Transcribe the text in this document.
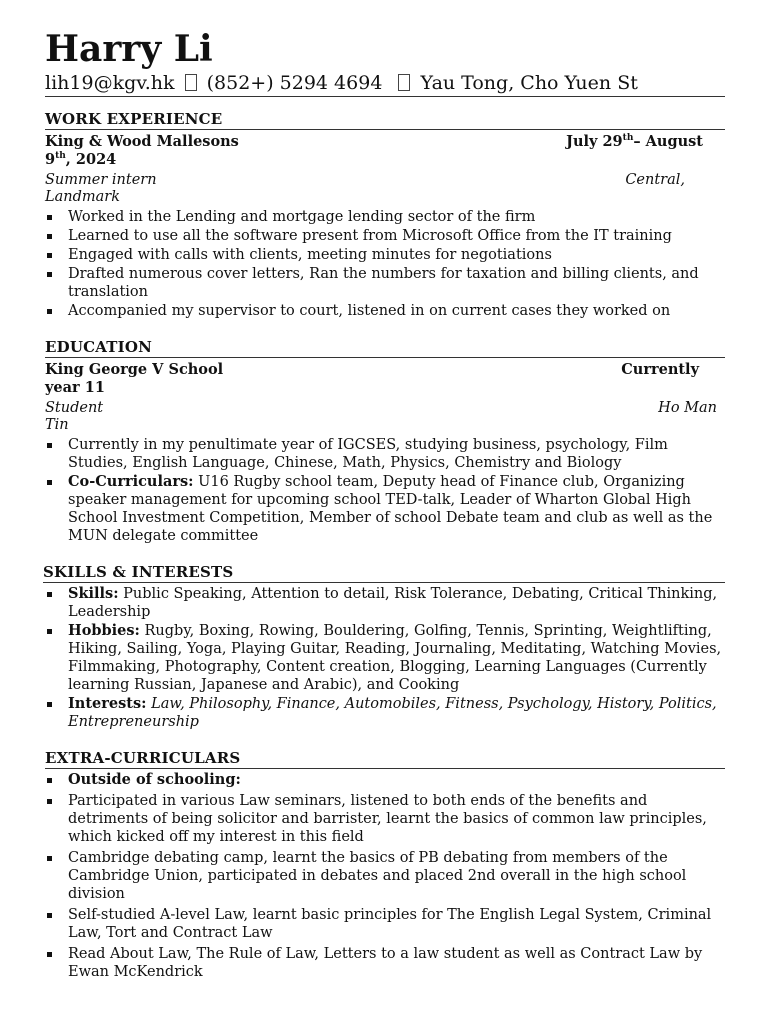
Harry Li
lih19@kgv.hk (852+) 5294 4694 Yau Tong, Cho Yuen St
WORK EXPERIENCE
King & Wood Mallesons	July 29th– August
9th, 2024
Summer intern	Central,
Landmark
Worked in the Lending and mortgage lending sector of the firm
Learned to use all the software present from Microsoft Office from the IT training
Engaged with calls with clients, meeting minutes for negotiations
Drafted numerous cover letters, Ran the numbers for taxation and billing clients, and translation
Accompanied my supervisor to court, listened in on current cases they worked on
EDUCATION
King George V School	Currently
year 11
Student	Ho Man
Tin
Currently in my penultimate year of IGCSES, studying business, psychology, Film Studies, English Language, Chinese, Math, Physics, Chemistry and Biology
Co-Curriculars: U16 Rugby school team, Deputy head of Finance club, Organizing speaker management for upcoming school TED-talk, Leader of Wharton Global High School Investment Competition, Member of school Debate team and club as well as the MUN delegate committee
SKILLS & INTERESTS
Skills: Public Speaking, Attention to detail, Risk Tolerance, Debating, Critical Thinking, Leadership
Hobbies: Rugby, Boxing, Rowing, Bouldering, Golfing, Tennis, Sprinting, Weightlifting, Hiking, Sailing, Yoga, Playing Guitar, Reading, Journaling, Meditating, Watching Movies, Filmmaking, Photography, Content creation, Blogging, Learning Languages (Currently learning Russian, Japanese and Arabic), and Cooking
Interests: Law, Philosophy, Finance, Automobiles, Fitness, Psychology, History, Politics, Entrepreneurship
EXTRA-CURRICULARS
Outside of schooling:
Participated in various Law seminars, listened to both ends of the benefits and detriments of being solicitor and barrister, learnt the basics of common law principles, which kicked off my interest in this field
Cambridge debating camp, learnt the basics of PB debating from members of the Cambridge Union, participated in debates and placed 2nd overall in the high school division
Self-studied A-level Law, learnt basic principles for The English Legal System, Criminal Law, Tort and Contract Law
Read About Law, The Rule of Law, Letters to a law student as well as Contract Law by Ewan McKendrick
